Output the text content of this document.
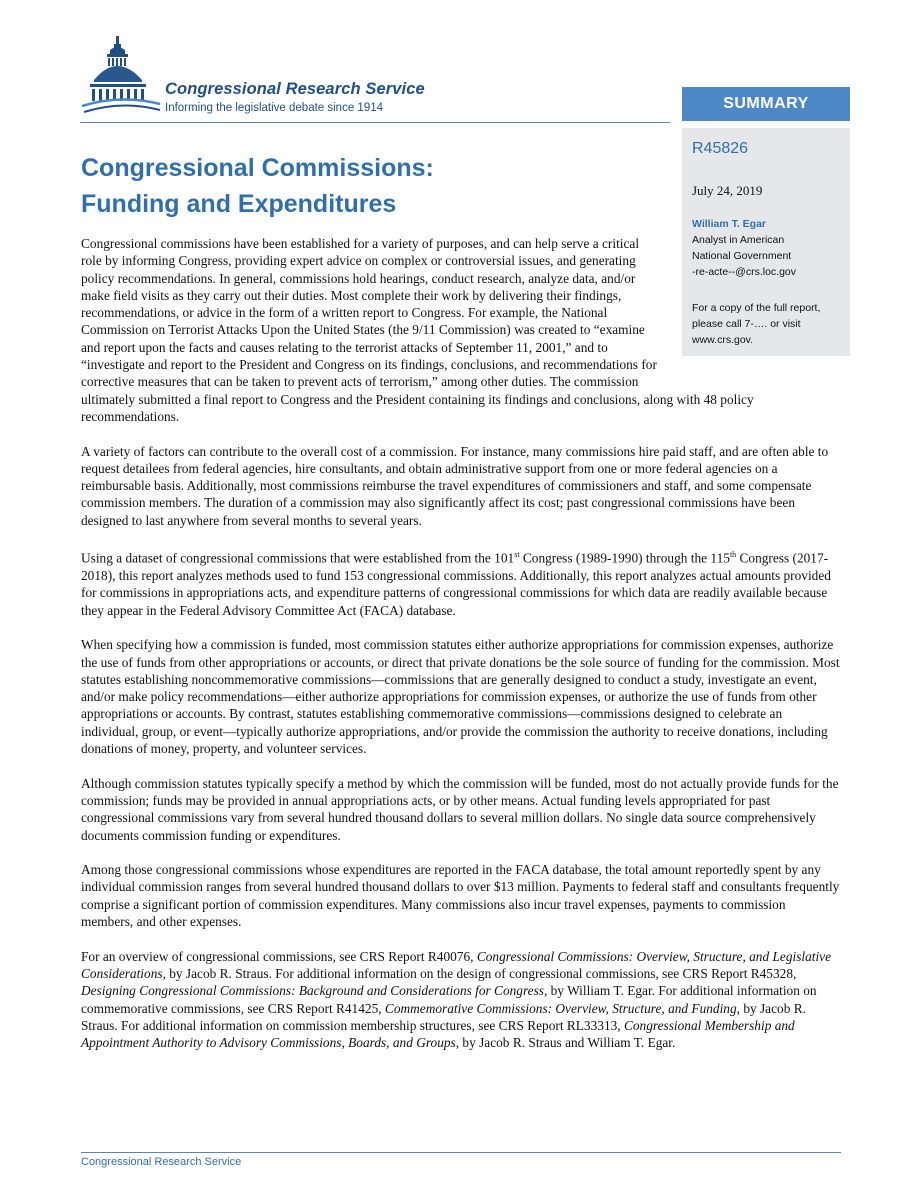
Congressional Research Service
Informing the legislative debate since 1914	SUMMARY
R45826
July 24, 2019
William T. Egar
Analyst in American
National Government
-re-acte--@crs.loc.gov
For a copy of the full report,
please call 7-…. or visit
www.crs.gov.
Congressional Commissions:
Funding and Expenditures

Congressional commissions have been established for a variety of purposes, and can help serve a critical role by informing Congress, providing expert advice on complex or controversial issues, and generating policy recommendations. In general, commissions hold hearings, conduct research, analyze data, and/or make field visits as they carry out their duties. Most complete their work by delivering their findings, recommendations, or advice in the form of a written report to Congress. For example, the National Commission on Terrorist Attacks Upon the United States (the 9/11 Commission) was created to “examine and report upon the facts and causes relating to the terrorist attacks of September 11, 2001,” and to “investigate and report to the President and Congress on its findings, conclusions, and recommendations for corrective measures that can be taken to prevent acts of terrorism,” among other duties. The commission ultimately submitted a final report to Congress and the President containing its findings and conclusions, along with 48 policy recommendations.

A variety of factors can contribute to the overall cost of a commission. For instance, many commissions hire paid staff, and are often able to request detailees from federal agencies, hire consultants, and obtain administrative support from one or more federal agencies on a reimbursable basis. Additionally, most commissions reimburse the travel expenditures of commissioners and staff, and some compensate commission members. The duration of a commission may also significantly affect its cost; past congressional commissions have been designed to last anywhere from several months to several years.

Using a dataset of congressional commissions that were established from the 101st Congress (1989-1990) through the 115th Congress (2017-2018), this report analyzes methods used to fund 153 congressional commissions. Additionally, this report analyzes actual amounts provided for commissions in appropriations acts, and expenditure patterns of congressional commissions for which data are readily available because they appear in the Federal Advisory Committee Act (FACA) database.

When specifying how a commission is funded, most commission statutes either authorize appropriations for commission expenses, authorize the use of funds from other appropriations or accounts, or direct that private donations be the sole source of funding for the commission. Most statutes establishing noncommemorative commissions—commissions that are generally designed to conduct a study, investigate an event, and/or make policy recommendations—either authorize appropriations for commission expenses, or authorize the use of funds from other appropriations or accounts. By contrast, statutes establishing commemorative commissions—commissions designed to celebrate an individual, group, or event—typically authorize appropriations, and/or provide the commission the authority to receive donations, including donations of money, property, and volunteer services.

Although commission statutes typically specify a method by which the commission will be funded, most do not actually provide funds for the commission; funds may be provided in annual appropriations acts, or by other means. Actual funding levels appropriated for past congressional commissions vary from several hundred thousand dollars to several million dollars. No single data source comprehensively documents commission funding or expenditures.

Among those congressional commissions whose expenditures are reported in the FACA database, the total amount reportedly spent by any individual commission ranges from several hundred thousand dollars to over $13 million. Payments to federal staff and consultants frequently comprise a significant portion of commission expenditures. Many commissions also incur travel expenses, payments to commission members, and other expenses.

For an overview of congressional commissions, see CRS Report R40076, Congressional Commissions: Overview, Structure, and Legislative Considerations, by Jacob R. Straus. For additional information on the design of congressional commissions, see CRS Report R45328, Designing Congressional Commissions: Background and Considerations for Congress, by William T. Egar. For additional information on commemorative commissions, see CRS Report R41425, Commemorative Commissions: Overview, Structure, and Funding, by Jacob R. Straus. For additional information on commission membership structures, see CRS Report RL33313, Congressional Membership and Appointment Authority to Advisory Commissions, Boards, and Groups, by Jacob R. Straus and William T. Egar.

Congressional Research Service
